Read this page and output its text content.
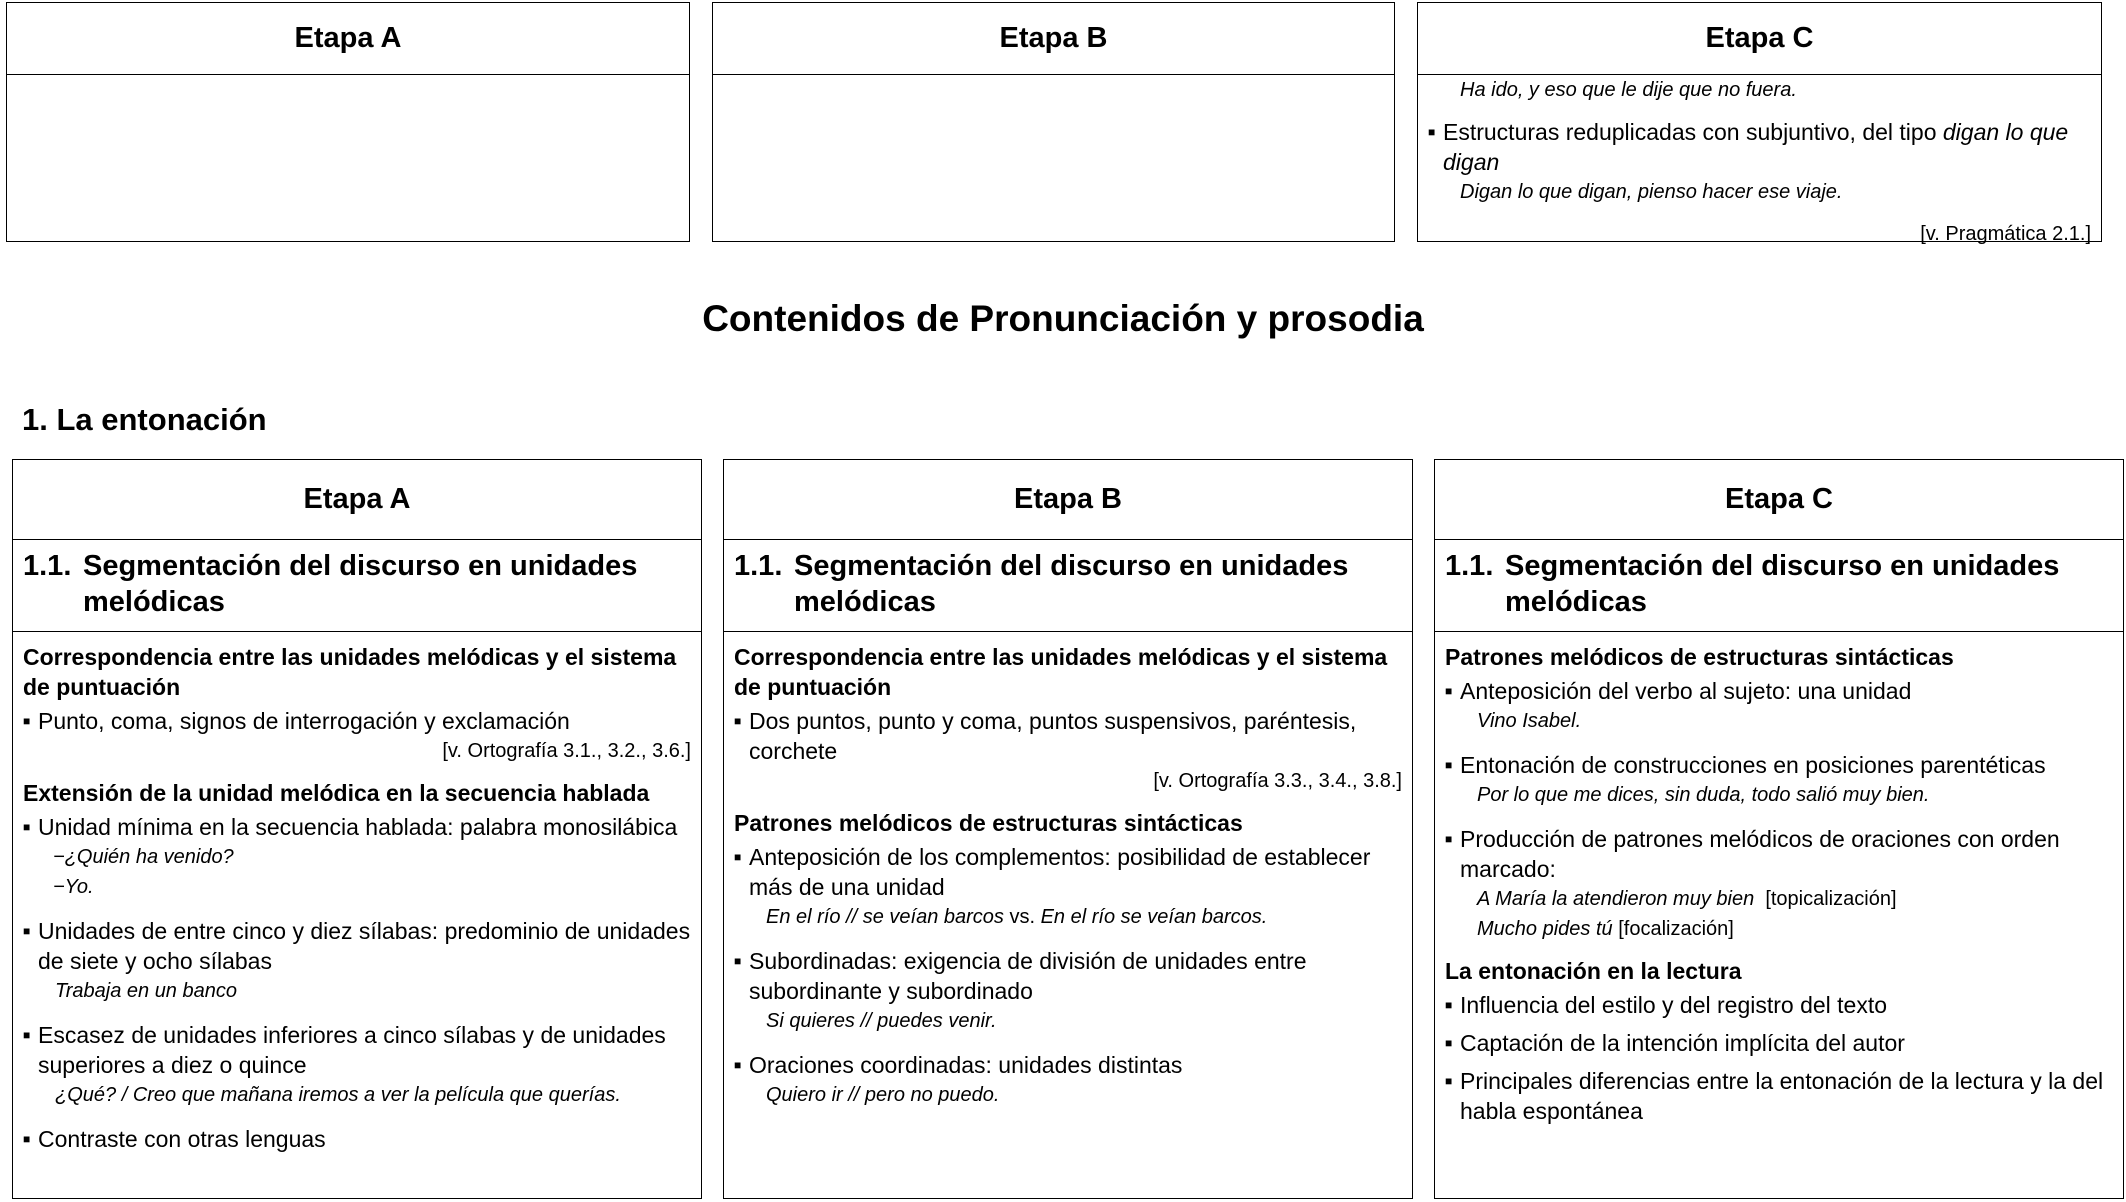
Etapa A	Etapa B	Etapa C
Ha ido, y eso que le dije que no fuera.
■ Estructuras reduplicadas con subjuntivo, del tipo digan lo que digan
Digan lo que digan, pienso hacer ese viaje.
[v. Pragmática 2.1.]
Contenidos de Pronunciación y prosodia
1. La entonación
Etapa A
1.1. Segmentación del discurso en unidades melódicas
Correspondencia entre las unidades melódicas y el sistema de puntuación
■ Punto, coma, signos de interrogación y exclamación
[v. Ortografía 3.1., 3.2., 3.6.]
Extensión de la unidad melódica en la secuencia hablada
■ Unidad mínima en la secuencia hablada: palabra monosilábica
−¿Quién ha venido?
−Yo.
■ Unidades de entre cinco y diez sílabas: predominio de unidades de siete y ocho sílabas
Trabaja en un banco
■ Escasez de unidades inferiores a cinco sílabas y de unidades superiores a diez o quince
¿Qué? / Creo que mañana iremos a ver la película que querías.
■ Contraste con otras lenguas
Etapa B
1.1. Segmentación del discurso en unidades melódicas
Correspondencia entre las unidades melódicas y el sistema de puntuación
■ Dos puntos, punto y coma, puntos suspensivos, paréntesis, corchete
[v. Ortografía 3.3., 3.4., 3.8.]
Patrones melódicos de estructuras sintácticas
■ Anteposición de los complementos: posibilidad de establecer más de una unidad
En el río // se veían barcos vs. En el río se veían barcos.
■ Subordinadas: exigencia de división de unidades entre subordinante y subordinado
Si quieres // puedes venir.
■ Oraciones coordinadas: unidades distintas
Quiero ir // pero no puedo.
Etapa C
1.1. Segmentación del discurso en unidades melódicas
Patrones melódicos de estructuras sintácticas
■ Anteposición del verbo al sujeto: una unidad
Vino Isabel.
■ Entonación de construcciones en posiciones parentéticas
Por lo que me dices, sin duda, todo salió muy bien.
■ Producción de patrones melódicos de oraciones con orden marcado:
A María la atendieron muy bien [topicalización]
Mucho pides tú [focalización]
La entonación en la lectura
■ Influencia del estilo y del registro del texto
■ Captación de la intención implícita del autor
■ Principales diferencias entre la entonación de la lectura y la del habla espontánea
